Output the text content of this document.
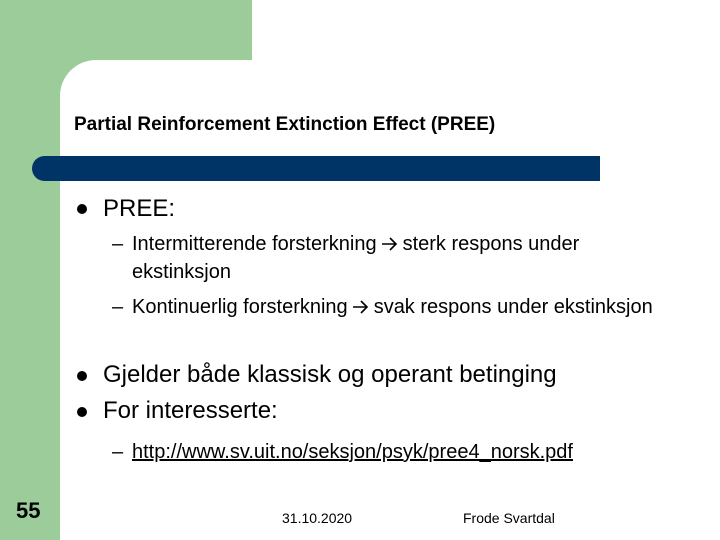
Partial Reinforcement Extinction Effect (PREE)
PREE:
– Intermitterende forsterkning sterk respons under ekstinksjon
– Kontinuerlig forsterkning svak respons under ekstinksjon
Gjelder både klassisk og operant betinging
For interesserte:
– http://www.sv.uit.no/seksjon/psyk/pree4_norsk.pdf
55	31.10.2020	Frode Svartdal
